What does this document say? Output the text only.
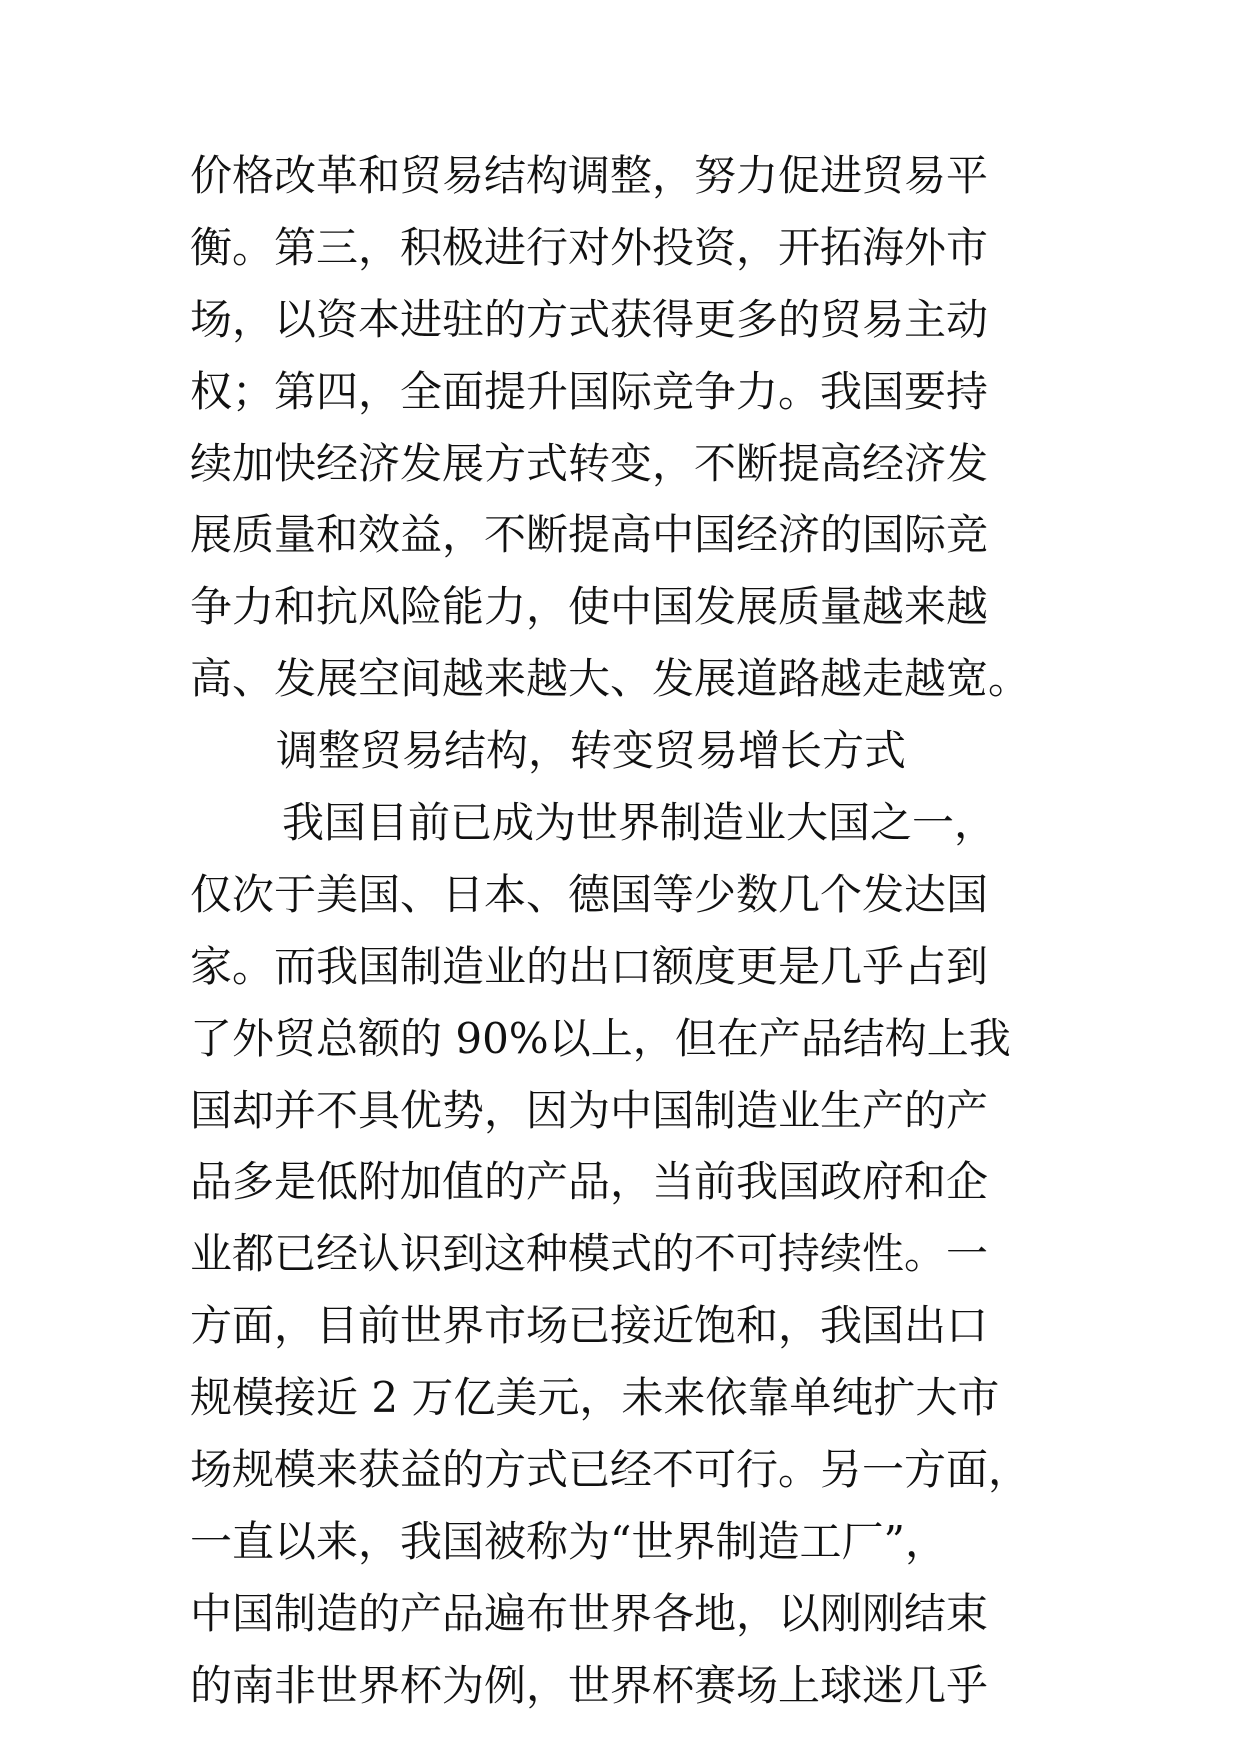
价格改革和贸易结构调整，努力促进贸易平
衡。第三，积极进行对外投资，开拓海外市
场，以资本进驻的方式获得更多的贸易主动
权；第四，全面提升国际竞争力。我国要持
续加快经济发展方式转变，不断提高经济发
展质量和效益，不断提高中国经济的国际竞
争力和抗风险能力，使中国发展质量越来越
高、发展空间越来越大、发展道路越走越宽。
调整贸易结构，转变贸易增长方式
我国目前已成为世界制造业大国之一，
仅次于美国、日本、德国等少数几个发达国
家。而我国制造业的出口额度更是几乎占到
了外贸总额的 90%以上，但在产品结构上我
国却并不具优势，因为中国制造业生产的产
品多是低附加值的产品，当前我国政府和企
业都已经认识到这种模式的不可持续性。一
方面，目前世界市场已接近饱和，我国出口
规模接近 2 万亿美元，未来依靠单纯扩大市
场规模来获益的方式已经不可行。另一方面，
一直以来，我国被称为“世界制造工厂”，
中国制造的产品遍布世界各地，以刚刚结束
的南非世界杯为例，世界杯赛场上球迷几乎
